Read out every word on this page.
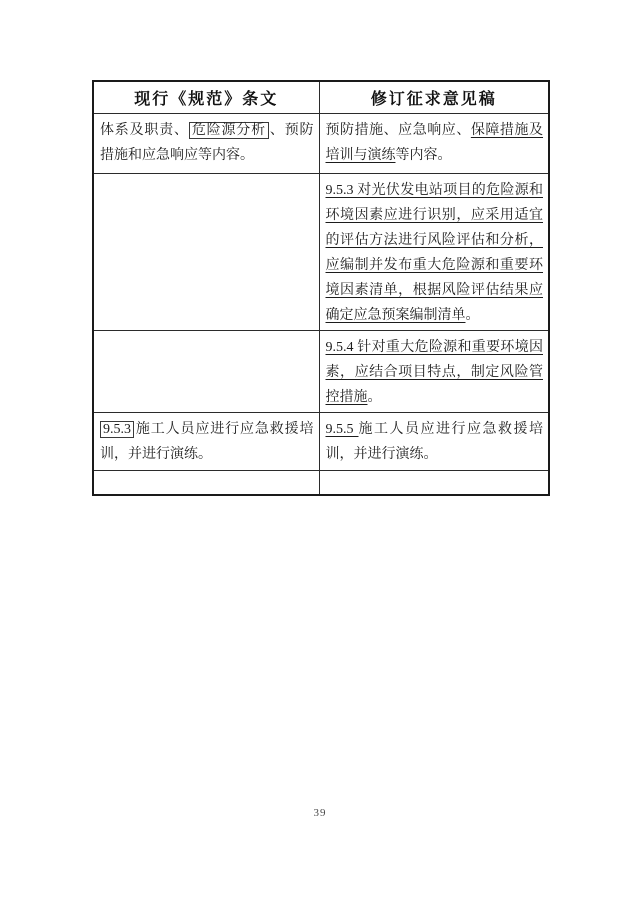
现行《规范》条文	修订征求意见稿
体系及职责、 危险源分析 、预防措施和应急响应等内容。	预防措施、应急响应、保障措施及培训与演练等内容。
	9.5.3 对光伏发电站项目的危险源和环境因素应进行识别，应采用适宜的评估方法进行风险评估和分析，应编制并发布重大危险源和重要环境因素清单，根据风险评估结果应确定应急预案编制清单。
	9.5.4 针对重大危险源和重要环境因素，应结合项目特点，制定风险管控措施。
9.5.3 施工人员应进行应急救援培训，并进行演练。	9.5.5 施工人员应进行应急救援培训，并进行演练。

39
